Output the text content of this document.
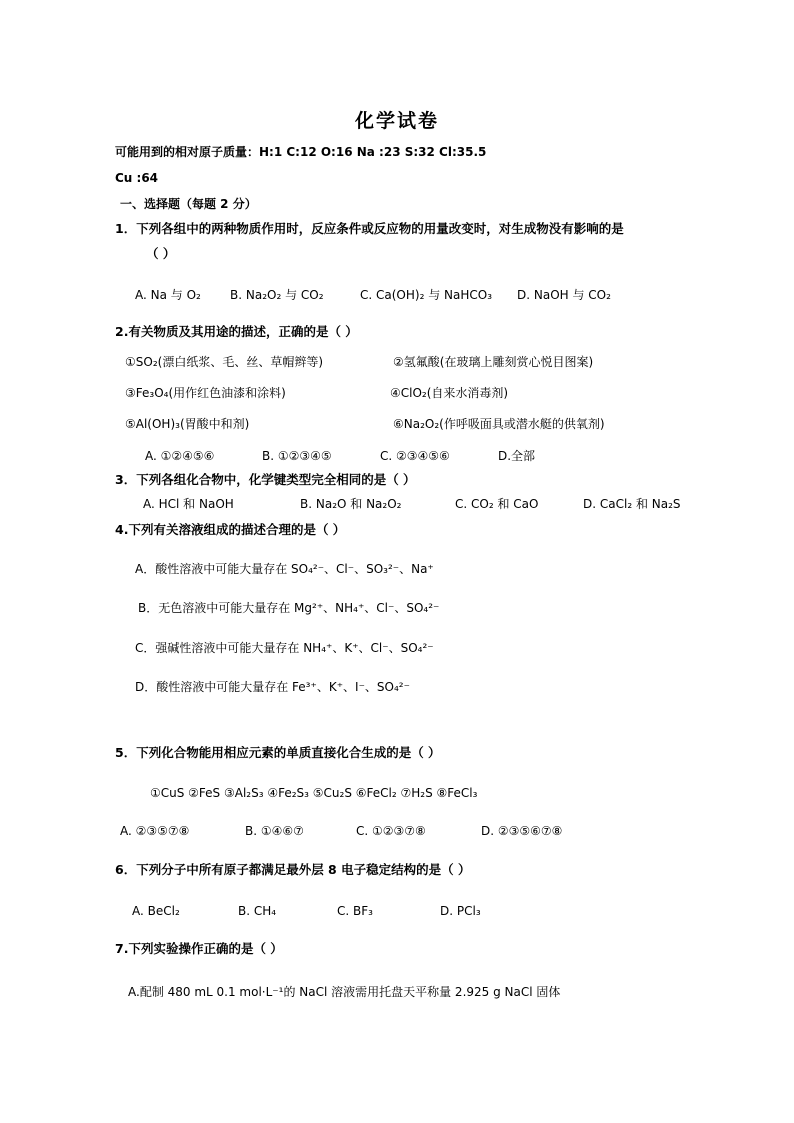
化学试卷
可能用到的相对原子质量：H:1 C:12 O:16 Na :23 S:32 Cl:35.5
Cu :64
一、选择题（每题 2 分）
1．下列各组中的两种物质作用时，反应条件或反应物的用量改变时，对生成物没有影响的是
（ ）
A. Na 与 O₂ B. Na₂O₂ 与 CO₂	C. Ca(OH)₂ 与 NaHCO₃ D. NaOH 与 CO₂
2.有关物质及其用途的描述，正确的是（ ）
①SO₂(漂白纸浆、毛、丝、草帽辫等)	②氢氟酸(在玻璃上雕刻赏心悦目图案)
③Fe₃O₄(用作红色油漆和涂料)	④ClO₂(自来水消毒剂)
⑤Al(OH)₃(胃酸中和剂)	⑥Na₂O₂(作呼吸面具或潜水艇的供氧剂)
A. ①②④⑤⑥	B. ①②③④⑤	C. ②③④⑤⑥	D.全部
3．下列各组化合物中，化学键类型完全相同的是（ ）
A. HCl 和 NaOH	B. Na₂O 和 Na₂O₂	C. CO₂ 和 CaO	D. CaCl₂ 和 Na₂S
4.下列有关溶液组成的描述合理的是（ ）
A．酸性溶液中可能大量存在 SO₄²⁻、Cl⁻、SO₃²⁻、Na⁺
B．无色溶液中可能大量存在 Mg²⁺、NH₄⁺、Cl⁻、SO₄²⁻
C．强碱性溶液中可能大量存在 NH₄⁺、K⁺、Cl⁻、SO₄²⁻
D．酸性溶液中可能大量存在 Fe³⁺、K⁺、I⁻、SO₄²⁻
5．下列化合物能用相应元素的单质直接化合生成的是（ ）
①CuS ②FeS ③Al₂S₃ ④Fe₂S₃ ⑤Cu₂S ⑥FeCl₂ ⑦H₂S ⑧FeCl₃
A. ②③⑤⑦⑧	B. ①④⑥⑦	C. ①②③⑦⑧	D. ②③⑤⑥⑦⑧
6．下列分子中所有原子都满足最外层 8 电子稳定结构的是（ ）
A. BeCl₂	B. CH₄	C. BF₃	D. PCl₃
7.下列实验操作正确的是（ ）
A.配制 480 mL 0.1 mol·L⁻¹的 NaCl 溶液需用托盘天平称量 2.925 g NaCl 固体
